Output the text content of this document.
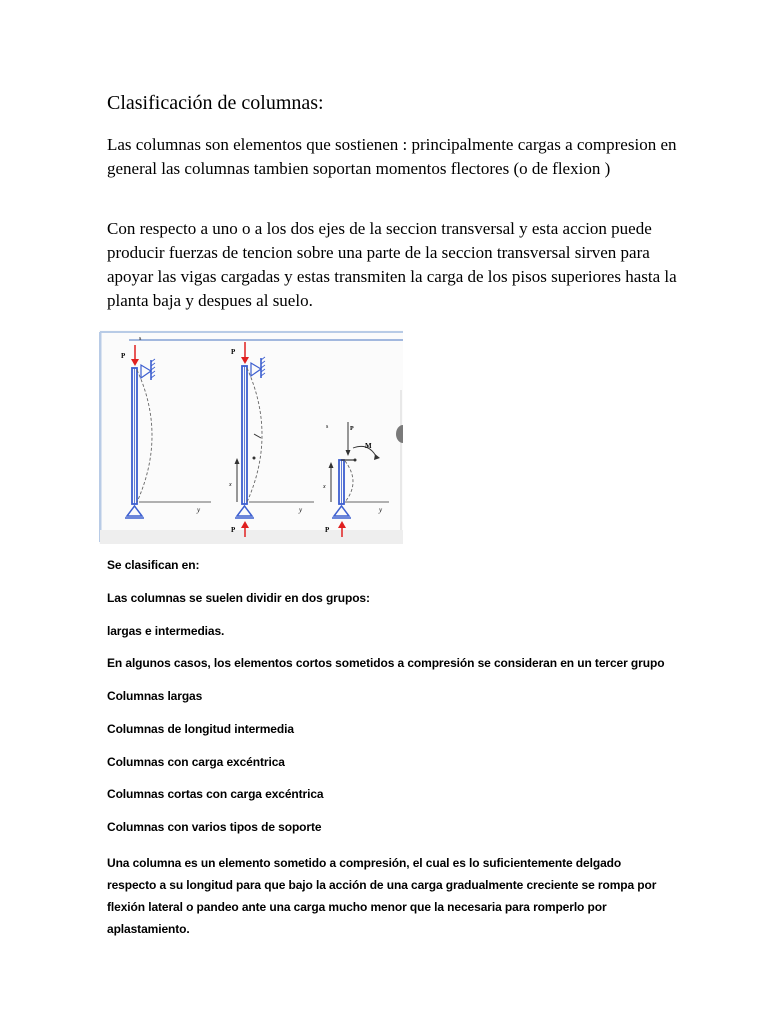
Clasificación de columnas:

Las columnas son elementos que sostienen : principalmente cargas a compresion en general las columnas tambien soportan momentos flectores (o de flexion )

Con respecto a uno o a los dos ejes de la seccion transversal y esta accion puede producir fuerzas de tencion sobre una parte de la seccion transversal sirven para apoyar las vigas cargadas y estas transmiten la carga de los pisos superiores hasta la planta baja y despues al suelo.

P
s
y
P
x
y
P
s	P
M
x
y
P

Se clasifican en:

Las columnas se suelen dividir en dos grupos:

largas e intermedias.

En algunos casos, los elementos cortos sometidos a compresión se consideran en un tercer grupo

Columnas largas

Columnas de longitud intermedia

Columnas con carga excéntrica

Columnas cortas con carga excéntrica

Columnas con varios tipos de soporte

Una columna es un elemento sometido a compresión, el cual es lo suficientemente delgado respecto a su longitud para que bajo la acción de una carga gradualmente creciente se rompa por flexión lateral o pandeo ante una carga mucho menor que la necesaria para romperlo por aplastamiento.
